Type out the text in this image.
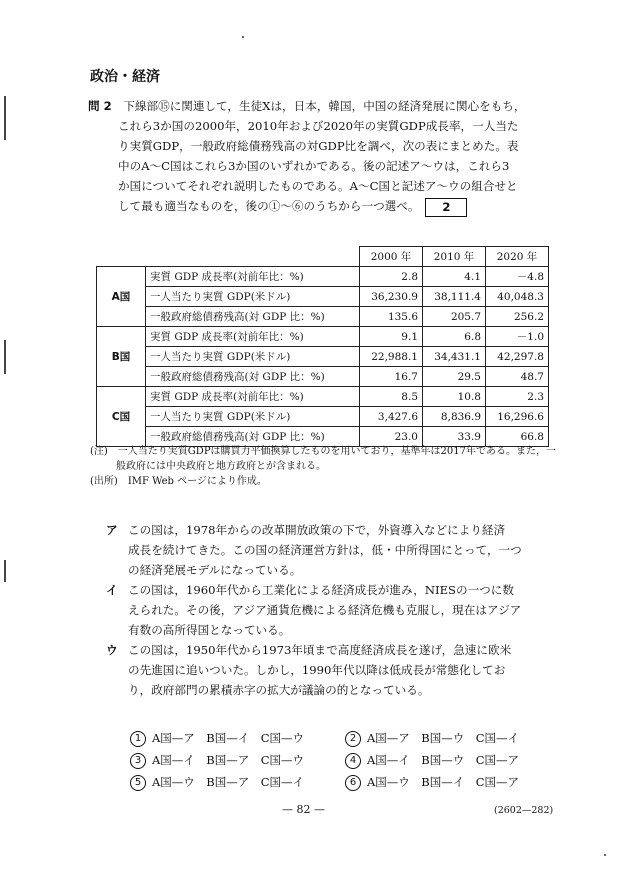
政治・経済
問 2　 下線部⑮に関連して，生徒Xは，日本，韓国，中国の経済発展に関心をもち，
これら3か国の2000年，2010年および2020年の実質GDP成長率，一人当た
り実質GDP，一般政府総債務残高の対GDP比を調べ，次の表にまとめた。表
中のA～C国はこれら3か国のいずれかである。後の記述ア～ウは，これら3
か国についてそれぞれ説明したものである。A～C国と記述ア～ウの組合せと
して最も適当なものを，後の①～⑥のうちから一つ選べ。 2
		2000 年	2010 年	2020 年
A国	実質 GDP 成長率(対前年比：%)	2.8	4.1	－4.8
	一人当たり実質 GDP(米ドル)	36,230.9	38,111.4	40,048.3
	一般政府総債務残高(対 GDP 比：%)	135.6	205.7	256.2
B国	実質 GDP 成長率(対前年比：%)	9.1	6.8	－1.0
	一人当たり実質 GDP(米ドル)	22,988.1	34,431.1	42,297.8
	一般政府総債務残高(対 GDP 比：%)	16.7	29.5	48.7
C国	実質 GDP 成長率(対前年比：%)	8.5	10.8	2.3
	一人当たり実質 GDP(米ドル)	3,427.6	8,836.9	16,296.6
	一般政府総債務残高(対 GDP 比：%)	23.0	33.9	66.8
(注)　 一人当たり実質GDPは購買力平価換算したものを用いており，基準年は2017年である。また，一般政府には中央政府と地方政府とが含まれる。
(出所)　 IMF Web ページにより作成。
ア この国は，1978年からの改革開放政策の下で，外資導入などにより経済
成長を続けてきた。この国の経済運営方針は，低・中所得国にとって，一つ
の経済発展モデルになっている。
イ この国は，1960年代から工業化による経済成長が進み，NIESの一つに数
えられた。その後，アジア通貨危機による経済危機も克服し，現在はアジア
有数の高所得国となっている。
ウ この国は，1950年代から1973年頃まで高度経済成長を遂げ，急速に欧米
の先進国に追いついた。しかし，1990年代以降は低成長が常態化してお
り，政府部門の累積赤字の拡大が議論の的となっている。
1 A国—ア　B国—イ　C国—ウ	2 A国—ア　B国—ウ　C国—イ
3 A国—イ　B国—ア　C国—ウ	4 A国—イ　B国—ウ　C国—ア
5 A国—ウ　B国—ア　C国—イ	6 A国—ウ　B国—イ　C国—ア
— 82 —	(2602—282)
